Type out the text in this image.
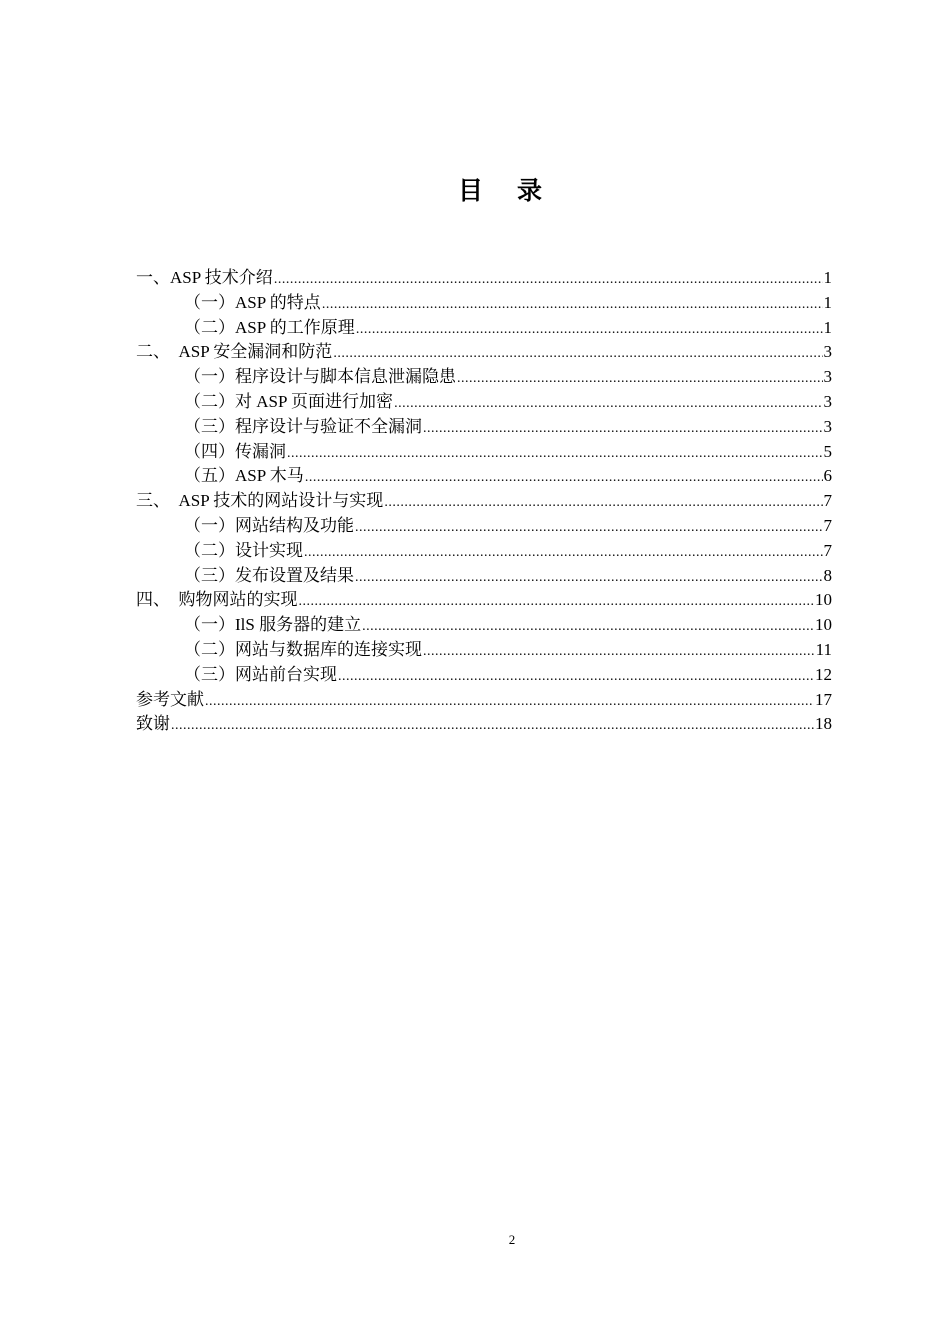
目 录
一、ASP 技术介绍 .....	1
（一）ASP 的特点 .....	1
（二）ASP 的工作原理 .....	1
二、　ASP 安全漏洞和防范 .....	3
（一）程序设计与脚本信息泄漏隐患 .....	3
（二）对 ASP 页面进行加密 .....	3
（三）程序设计与验证不全漏洞 .....	3
（四）传漏洞 .....	5
（五）ASP 木马 .....	6
三、　ASP 技术的网站设计与实现 .....	7
（一）网站结构及功能 .....	7
（二）设计实现 .....	7
（三）发布设置及结果 .....	8
四、　购物网站的实现 .....	10
（一）IlS 服务器的建立 .....	10
（二）网站与数据库的连接实现 .....	11
（三）网站前台实现 .....	12
参考文献 .....	17
致谢 .....	18
2
